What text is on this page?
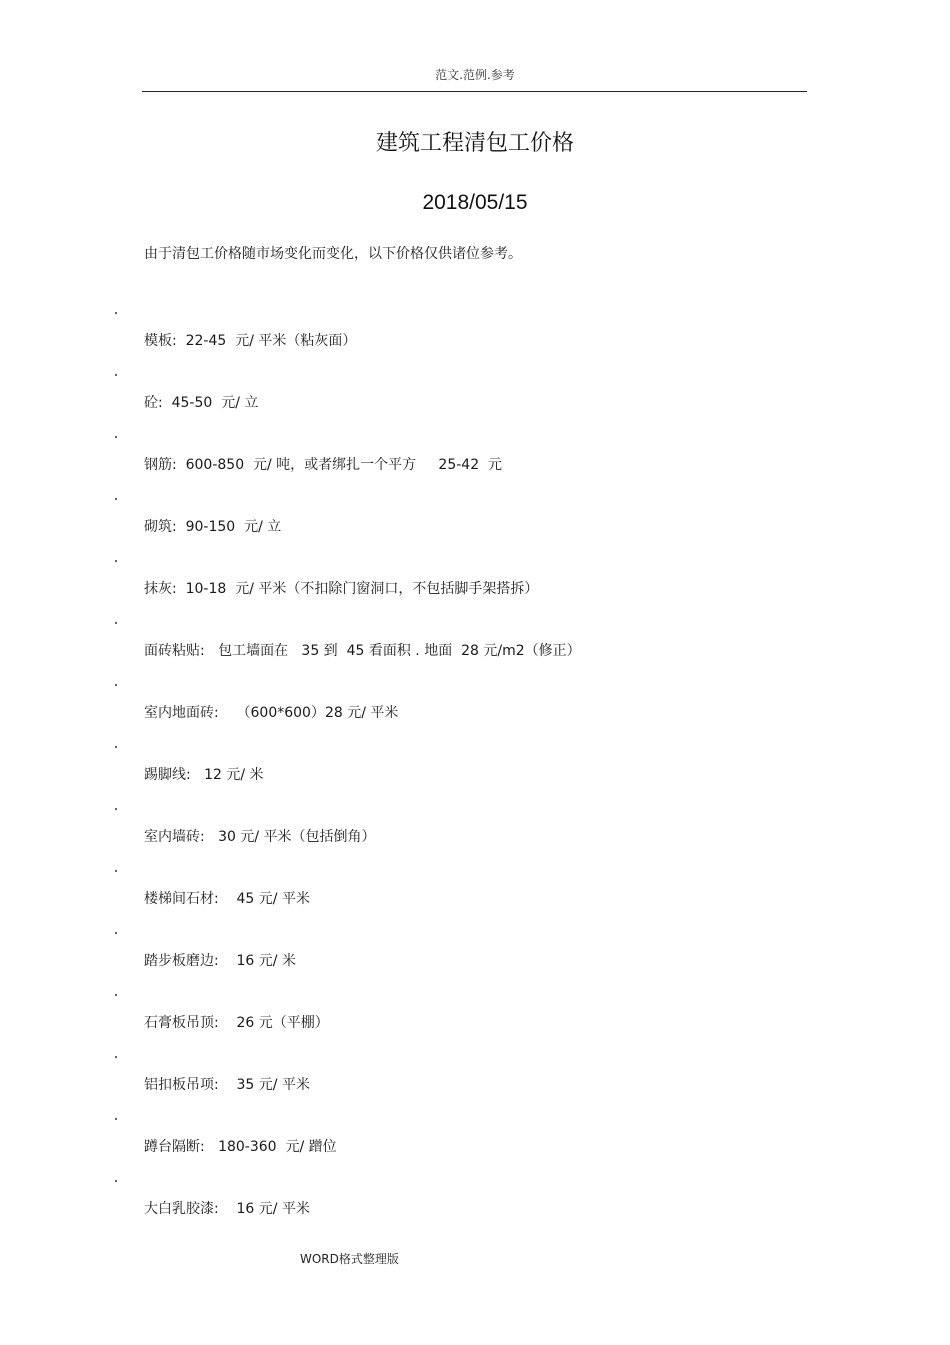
范文.范例.参考
建筑工程清包工价格
2018/05/15
由于清包工价格随市场变化而变化，以下价格仅供诸位参考。
模板:  22-45  元/ 平米（粘灰面）
砼:  45-50  元/ 立
钢筋:  600-850  元/ 吨，或者绑扎一个平方     25-42  元
砌筑:  90-150  元/ 立
抹灰:  10-18  元/ 平米（不扣除门窗洞口，不包括脚手架搭拆）
面砖粘贴:   包工墙面在   35 到  45 看面积 . 地面  28 元/m2（修正）
室内地面砖:    （600*600）28 元/ 平米
踢脚线:   12 元/ 米
室内墙砖:   30 元/ 平米（包括倒角）
楼梯间石材:    45 元/ 平米
踏步板磨边:    16 元/ 米
石膏板吊顶:    26 元（平棚）
铝扣板吊项:    35 元/ 平米
蹲台隔断:   180-360  元/ 蹭位
大白乳胶漆:    16 元/ 平米
WORD格式整理版
